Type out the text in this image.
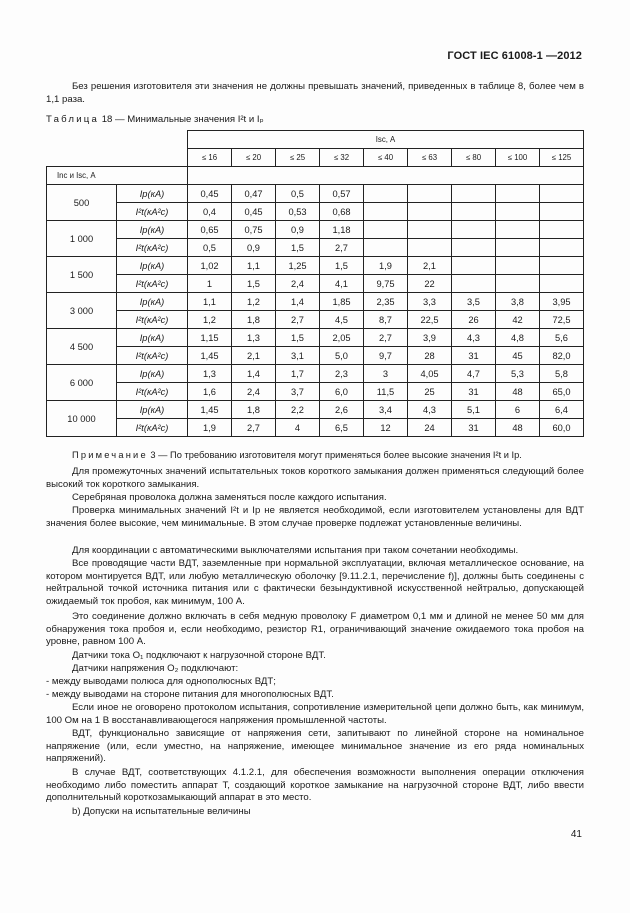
ГОСТ IEC 61008-1 —2012
Без решения изготовителя эти значения не должны превышать значений, приведенных в таблице 8, более чем в 1,1 раза.
Таблица 18 — Минимальные значения I²t и Iₚ
		Isc, А								
		≤ 16	≤ 20	≤ 25	≤ 32	≤ 40	≤ 63	≤ 80	≤ 100	≤ 125
Inc и Isc, А										
500	Ip(кA)	0,45	0,47	0,5	0,57					
	I²t(кA²c)	0,4	0,45	0,53	0,68					
1 000	Ip(кA)	0,65	0,75	0,9	1,18					
	I²t(кA²c)	0,5	0,9	1,5	2,7					
1 500	Ip(кA)	1,02	1,1	1,25	1,5	1,9	2,1			
	I²t(кA²c)	1	1,5	2,4	4,1	9,75	22			
3 000	Ip(кA)	1,1	1,2	1,4	1,85	2,35	3,3	3,5	3,8	3,95
	I²t(кA²c)	1,2	1,8	2,7	4,5	8,7	22,5	26	42	72,5
4 500	Ip(кA)	1,15	1,3	1,5	2,05	2,7	3,9	4,3	4,8	5,6
	I²t(кA²c)	1,45	2,1	3,1	5,0	9,7	28	31	45	82,0
6 000	Ip(кA)	1,3	1,4	1,7	2,3	3	4,05	4,7	5,3	5,8
	I²t(кA²c)	1,6	2,4	3,7	6,0	11,5	25	31	48	65,0
10 000	Ip(кA)	1,45	1,8	2,2	2,6	3,4	4,3	5,1	6	6,4
	I²t(кA²c)	1,9	2,7	4	6,5	12	24	31	48	60,0
Примечание 3 — По требованию изготовителя могут применяться более высокие значения I²t и Ip.
Для промежуточных значений испытательных токов короткого замыкания должен применяться следующий более высокий ток короткого замыкания.
Серебряная проволока должна заменяться после каждого испытания.
Проверка минимальных значений I²t и Ip не является необходимой, если изготовителем установлены для ВДТ значения более высокие, чем минимальные. В этом случае проверке подлежат установленные величины.
Для координации с автоматическими выключателями испытания при таком сочетании необходимы.
Все проводящие части ВДТ, заземленные при нормальной эксплуатации, включая металлическое основание, на котором монтируется ВДТ, или любую металлическую оболочку [9.11.2.1, перечисление f)], должны быть соединены с нейтральной точкой источника питания или с фактически безындуктивной искусственной нейтралью, допускающей ожидаемый ток пробоя, как минимум, 100 А.
Это соединение должно включать в себя медную проволоку F диаметром 0,1 мм и длиной не менее 50 мм для обнаружения тока пробоя и, если необходимо, резистор R1, ограничивающий значение ожидаемого тока пробоя на уровне, равном 100 А.
Датчики тока O₁ подключают к нагрузочной стороне ВДТ.
Датчики напряжения O₂ подключают:
- между выводами полюса для однополюсных ВДТ;
- между выводами на стороне питания для многополюсных ВДТ.
Если иное не оговорено протоколом испытания, сопротивление измерительной цепи должно быть, как минимум, 100 Ом на 1 В восстанавливающегося напряжения промышленной частоты.
ВДТ, функционально зависящие от напряжения сети, запитывают по линейной стороне на номинальное напряжение (или, если уместно, на напряжение, имеющее минимальное значение из его ряда номинальных напряжений).
В случае ВДТ, соответствующих 4.1.2.1, для обеспечения возможности выполнения операции отключения необходимо либо поместить аппарат Т, создающий короткое замыкание на нагрузочной стороне ВДТ, либо ввести дополнительный короткозамыкающий аппарат в это место.
b) Допуски на испытательные величины
41
